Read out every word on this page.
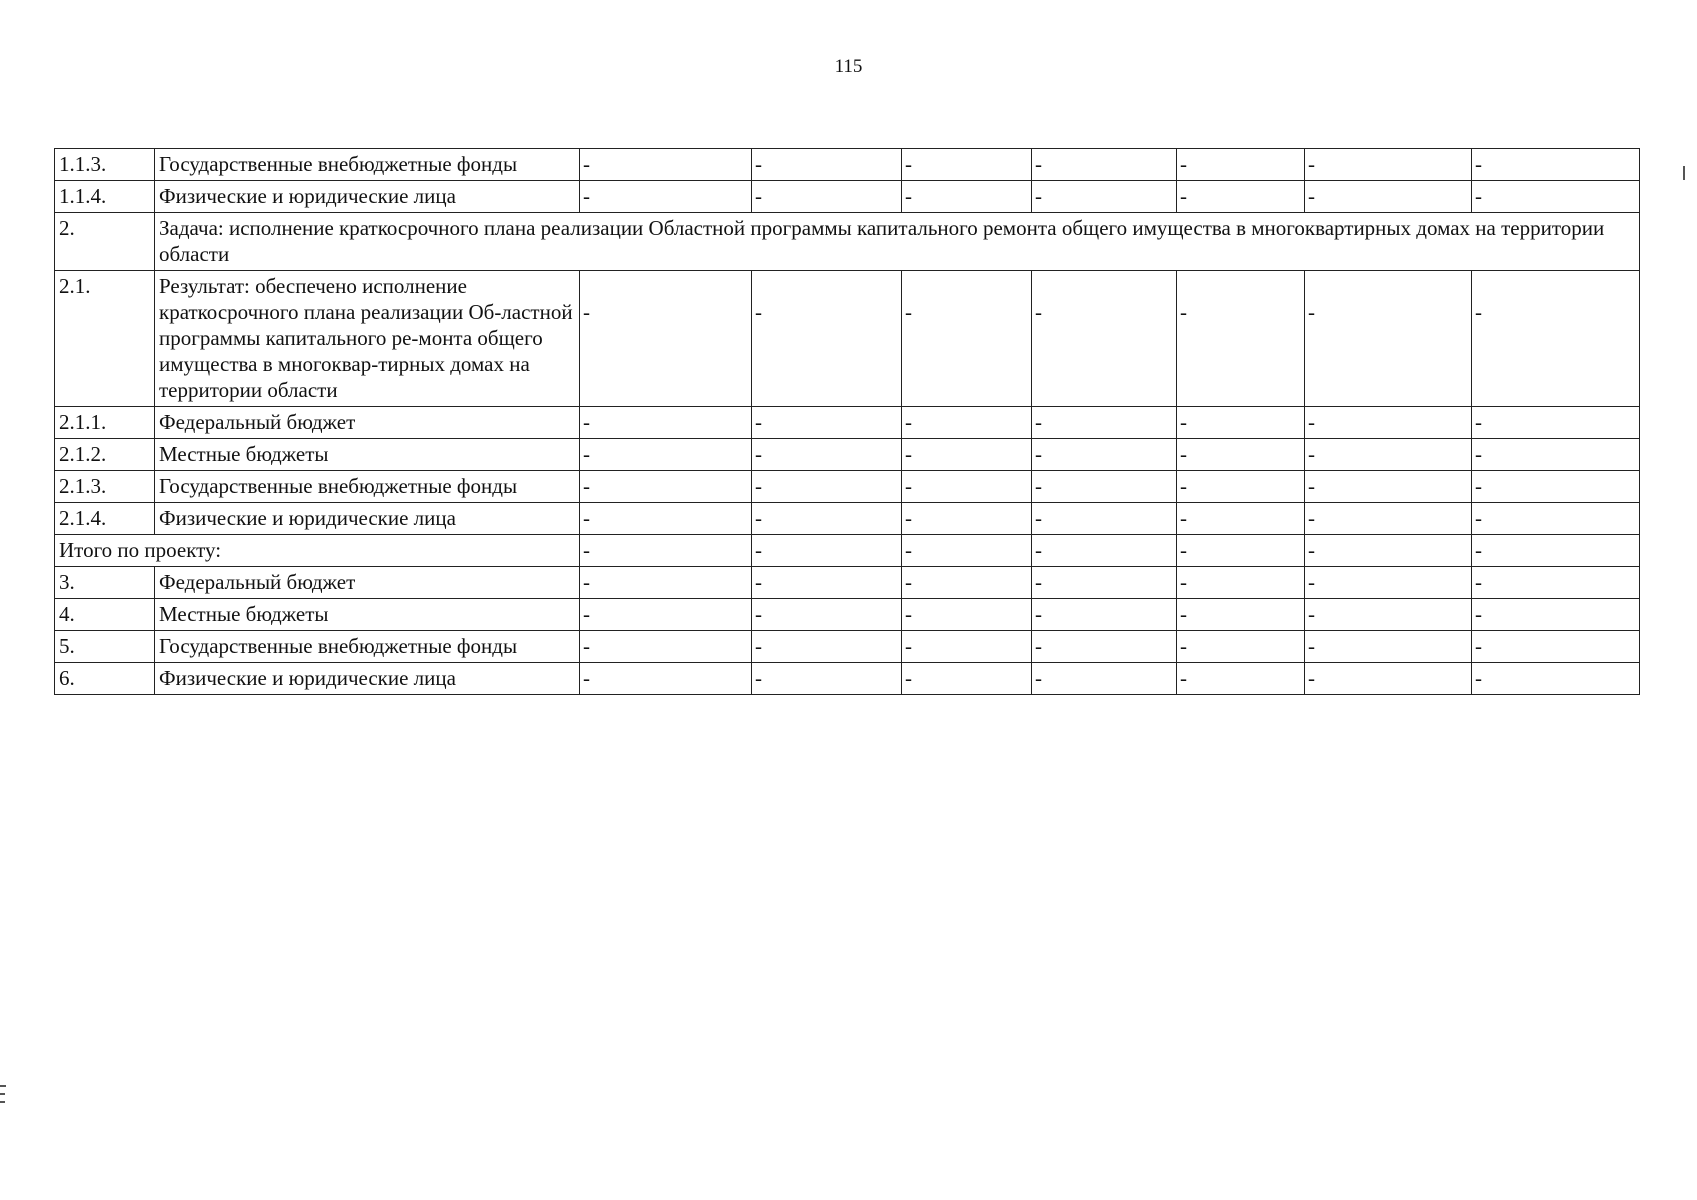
115
1.1.3.	Государственные внебюджетные фонды	-	-	-	-	-	-	-
1.1.4.	Физические и юридические лица	-	-	-	-	-	-	-
2.	Задача: исполнение краткосрочного плана реализации Областной программы капитального ремонта общего имущества в многоквартирных домах на территории области							
2.1.	Результат: обеспечено исполнение краткосрочного плана реализации Об-ластной программы капитального ре-монта общего имущества в многоквар-тирных домах на территории области	-	-	-	-	-	-	-
2.1.1.	Федеральный бюджет	-	-	-	-	-	-	-
2.1.2.	Местные бюджеты	-	-	-	-	-	-	-
2.1.3.	Государственные внебюджетные фонды	-	-	-	-	-	-	-
2.1.4.	Физические и юридические лица	-	-	-	-	-	-	-
Итого по проекту:		-	-	-	-	-	-	-
3.	Федеральный бюджет	-	-	-	-	-	-	-
4.	Местные бюджеты	-	-	-	-	-	-	-
5.	Государственные внебюджетные фонды	-	-	-	-	-	-	-
6.	Физические и юридические лица	-	-	-	-	-	-	-
